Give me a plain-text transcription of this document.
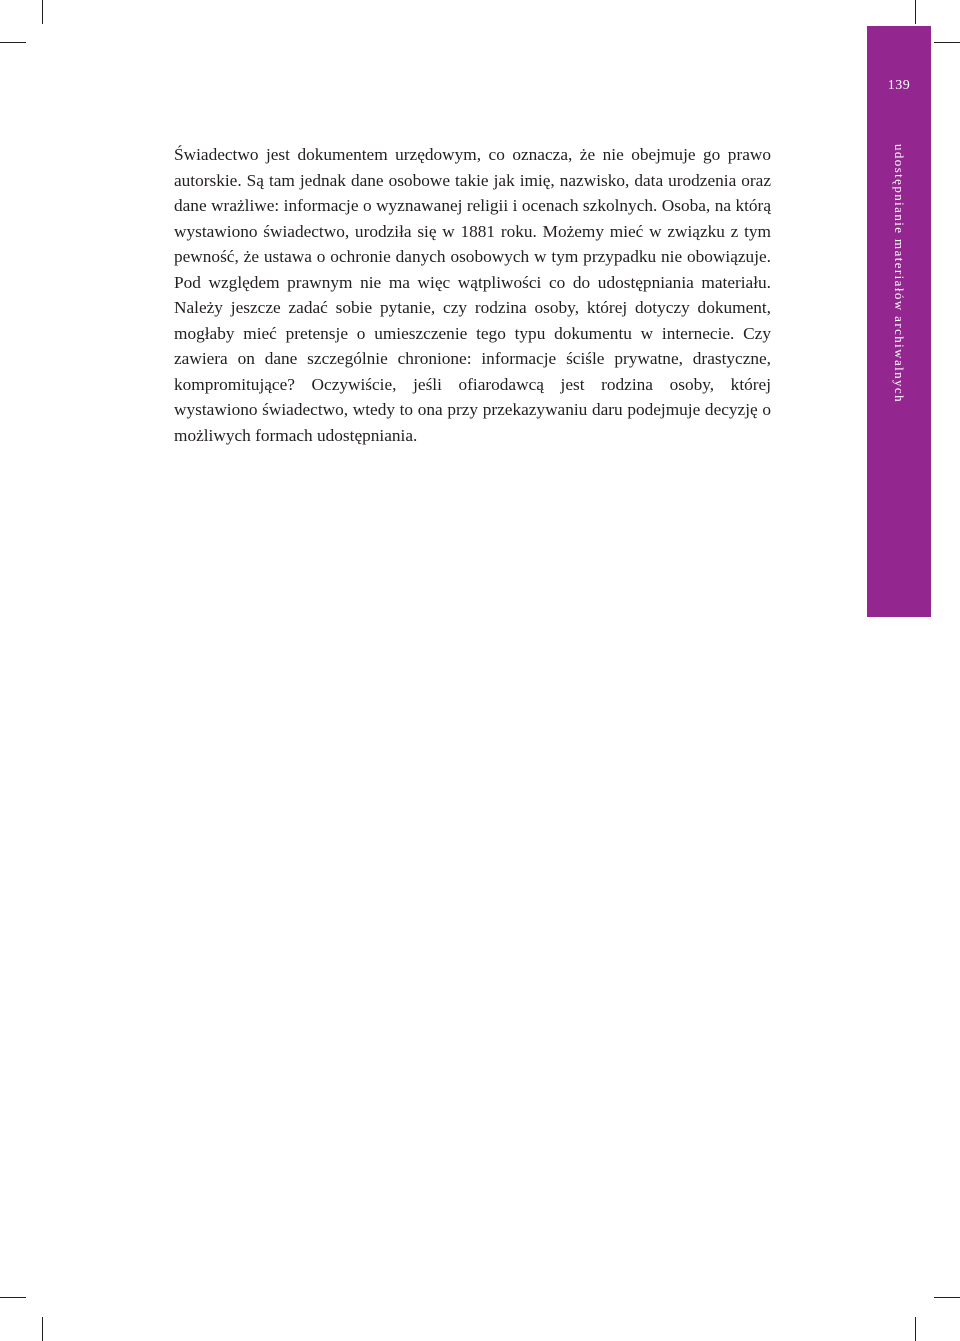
139
udostępnianie materiałów archiwalnych

Świadectwo jest dokumentem urzędowym, co oznacza, że nie obejmuje go prawo autorskie. Są tam jednak dane osobowe takie jak imię, nazwisko, data urodzenia oraz dane wrażliwe: informacje o wyznawanej religii i ocenach szkolnych. Osoba, na którą wystawiono świadectwo, urodziła się w 1881 roku. Możemy mieć w związku z tym pewność, że ustawa o ochronie danych osobowych w tym przypadku nie obowiązuje. Pod względem prawnym nie ma więc wątpliwości co do udostępniania materiału. Należy jeszcze zadać sobie pytanie, czy rodzina osoby, której dotyczy dokument, mogłaby mieć pretensje o umieszczenie tego typu dokumentu w internecie. Czy zawiera on dane szczególnie chronione: informacje ściśle prywatne, drastyczne, kompromitujące? Oczywiście, jeśli ofiarodawcą jest rodzina osoby, której wystawiono świadectwo, wtedy to ona przy przekazywaniu daru podejmuje decyzję o możliwych formach udostępniania.
